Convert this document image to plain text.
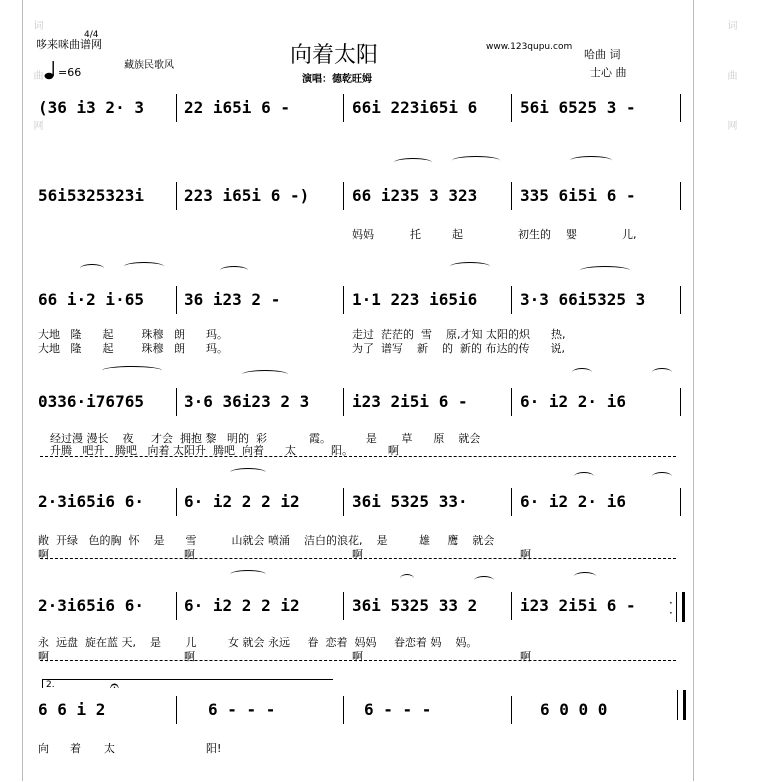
词曲网	词曲网
哆来咪曲谱网
4/4
=66
藏族民歌风	向着太阳
演唱：德乾旺姆
www.123qupu.com
哈曲 词
士心 曲
(36 i3 2· 3	22 i65i 6 -	66i 223i65i 6	56i 6525 3 -
56i5325323i	223 i65i 6 -)	66 i235 3 323	335 6i5i 6 -
妈妈	托	起	初生的 婴	儿,
66 i·2 i·65	36 i23 2 -	1·1 223 i65i6	3·3 66i5325 3
大地 隆 起	珠穆 朗 玛。	走过 茫茫的 雪 原,才知 太阳的炽 热,
大地 隆 起	珠穆 朗 玛。	为了 谱写 新 的 新的 布达的传 说,
0336·i76765	3·6 36i23 2 3	i23 2i5i 6 -	6· i2 2· i6
经过漫 漫长 夜 才会 拥抱 黎 明的 彩	霞。	是 草 原 就会
升腾 吧升 腾吧 向着 太阳升 腾吧 向着 太	阳。	啊
2·3i65i6 6·	6· i2 2 2 i2	36i 5325 33·	6· i2 2· i6
敞 开绿 色的胸 怀 是 雪	山就会 喷涌 洁白的浪花, 是	雄 鹰 就会
啊	啊	啊	啊
2·3i65i6 6·	6· i2 2 2 i2	36i 5325 33 2	i23 2i5i 6 -	·
·
永 远盘 旋在蓝 天, 是 儿	女 就会 永远 眷 恋着 妈妈 眷恋着 妈 妈。
啊	啊	啊	啊
2.	𝄐
6 6 i 2	6 - - -	6 - - -	6 0 0 0
向 着 太	阳!
